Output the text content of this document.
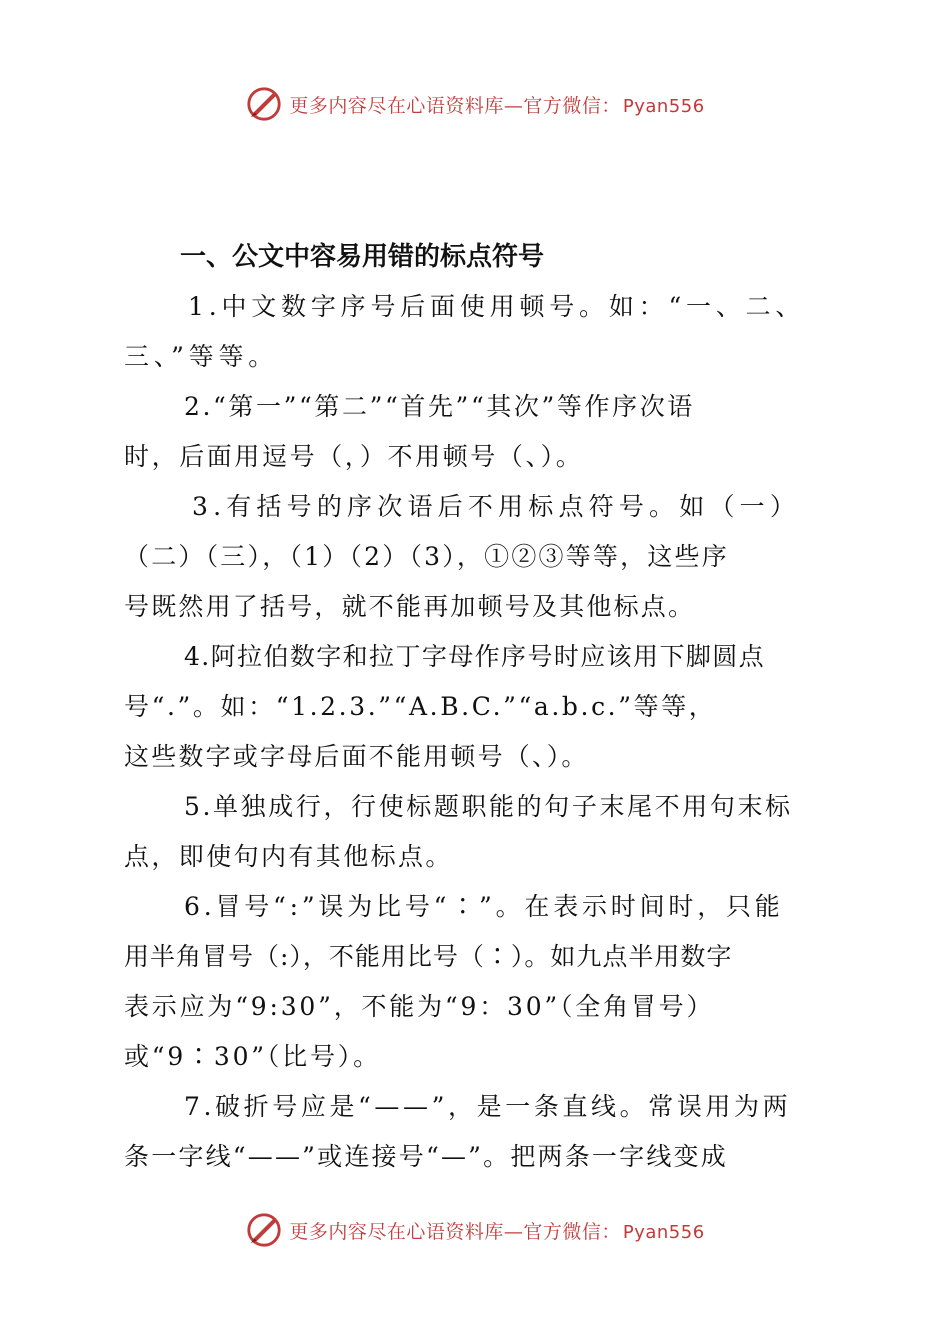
更多内容尽在心语资料库—官方微信： Pyan556
一、公文中容易用错的标点符号
1.中文数字序号后面使用顿号。如：“一、二、
三、”等等。
2.“第一”“第二”“首先”“其次”等作序次语
时，后面用逗号（，）不用顿号（、）。
3.有括号的序次语后不用标点符号。如（一）
（二）（三），（1）（2）（3），①②③等等，这些序
号既然用了括号，就不能再加顿号及其他标点。
4.阿拉伯数字和拉丁字母作序号时应该用下脚圆点
号“.”。如：“1.2.3.”“A.B.C.”“a.b.c.”等等，
这些数字或字母后面不能用顿号（、）。
5.单独成行，行使标题职能的句子末尾不用句末标
点，即使句内有其他标点。
6.冒号“:”误为比号“∶”。在表示时间时，只能
用半角冒号（:），不能用比号（∶）。如九点半用数字
表示应为“9:30”，不能为“9：30”（全角冒号）
或“9∶30”（比号）。
7.破折号应是“——”，是一条直线。常误用为两
条一字线“——”或连接号“—”。把两条一字线变成
更多内容尽在心语资料库—官方微信： Pyan556
